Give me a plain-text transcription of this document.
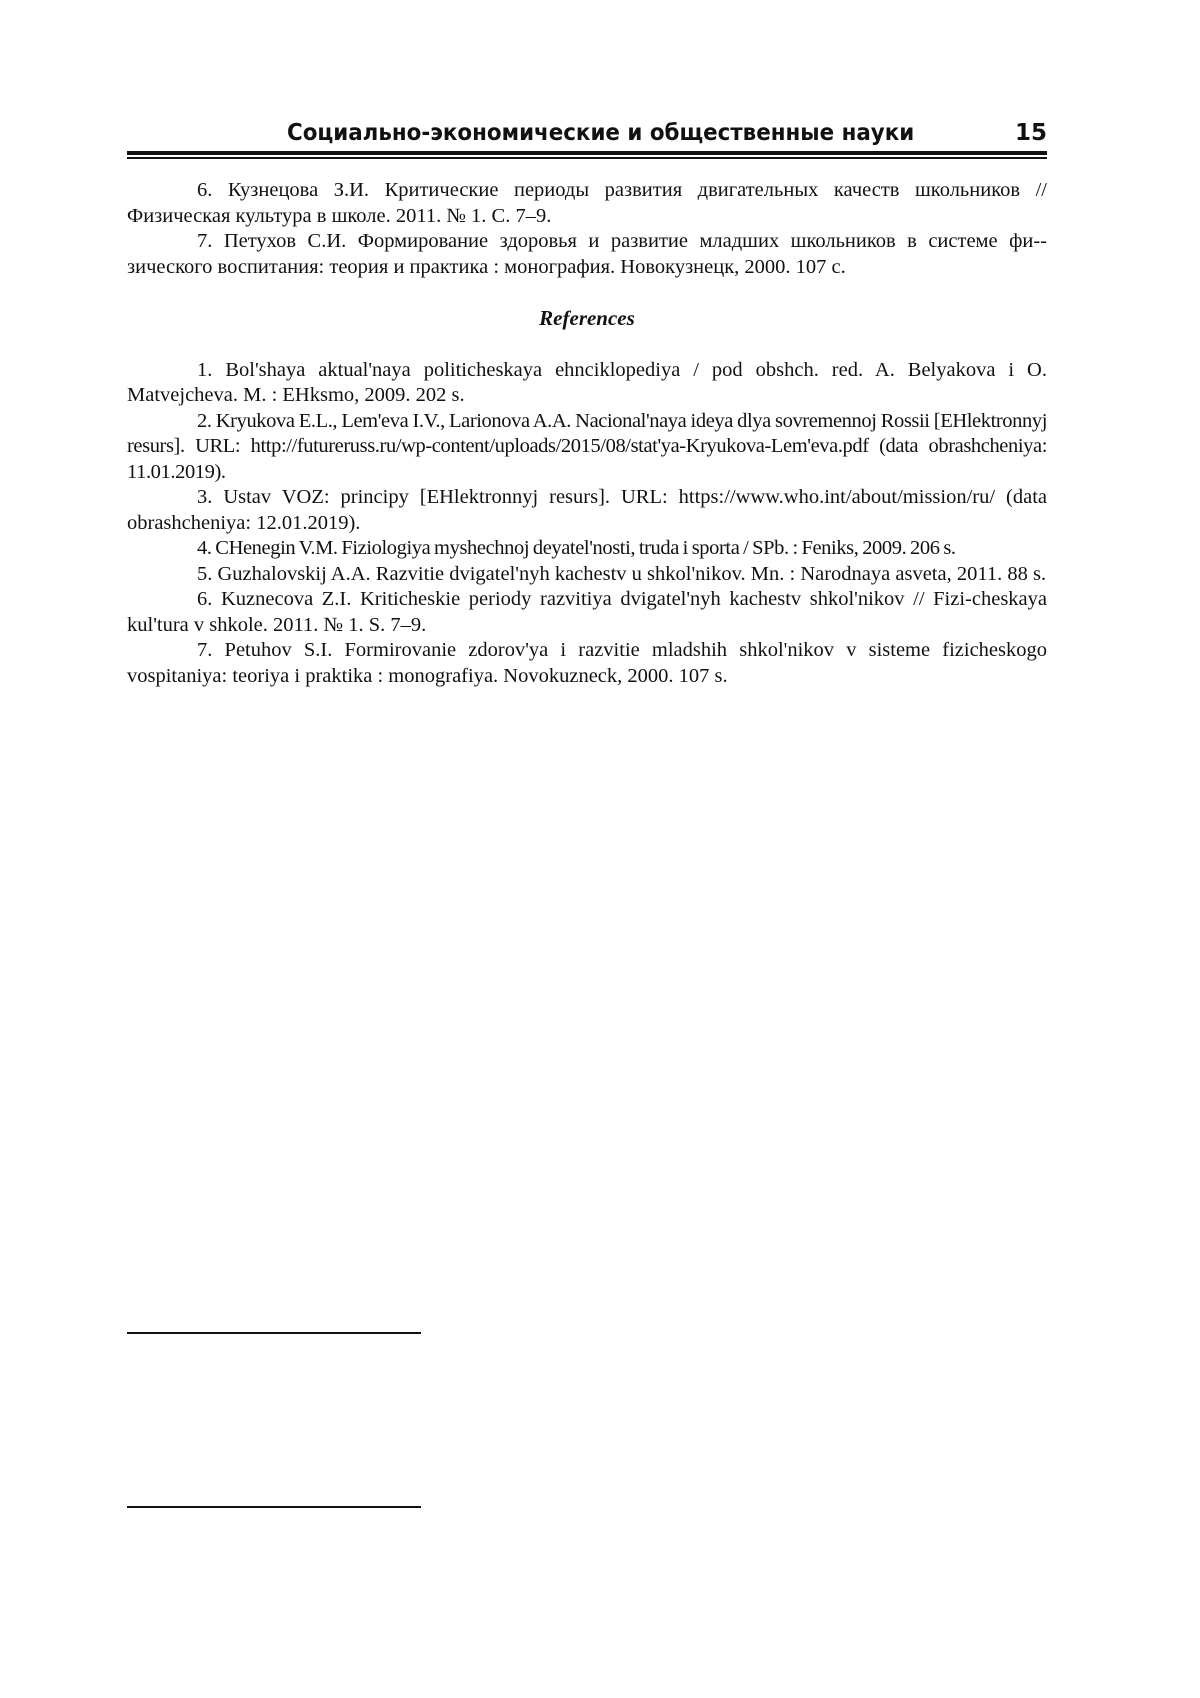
Социально-экономические и общественные науки	15

6. Кузнецова З.И. Критические периоды развития двигательных качеств школьников // Физическая культура в школе. 2011. № 1. С. 7–9.

7. Петухов С.И. Формирование здоровья и развитие младших школьников в системе фи-зического воспитания: теория и практика : монография. Новокузнецк, 2000. 107 с.

References

1. Bol'shaya aktual'naya politicheskaya ehnciklopediya / pod obshch. red. A. Belyakova i O. Matvejcheva. M. : EHksmo, 2009. 202 s.

2. Kryukova E.L., Lem'eva I.V., Larionova A.A. Nacional'naya ideya dlya sovremennoj Rossii [EHlektronnyj resurs]. URL: http://futureruss.ru/wp-content/uploads/2015/08/stat'ya-Kryukova-Lem'eva.pdf (data obrashcheniya: 11.01.2019).

3. Ustav VOZ: principy [EHlektronnyj resurs]. URL: https://www.who.int/about/mission/ru/ (data obrashcheniya: 12.01.2019).

4. CHenegin V.M. Fiziologiya myshechnoj deyatel'nosti, truda i sporta / SPb. : Feniks, 2009. 206 s.

5. Guzhalovskij A.A. Razvitie dvigatel'nyh kachestv u shkol'nikov. Mn. : Narodnaya asveta, 2011. 88 s.

6. Kuznecova Z.I. Kriticheskie periody razvitiya dvigatel'nyh kachestv shkol'nikov // Fizi-cheskaya kul'tura v shkole. 2011. № 1. S. 7–9.

7. Petuhov S.I. Formirovanie zdorov'ya i razvitie mladshih shkol'nikov v sisteme fizicheskogo vospitaniya: teoriya i praktika : monografiya. Novokuzneck, 2000. 107 s.
